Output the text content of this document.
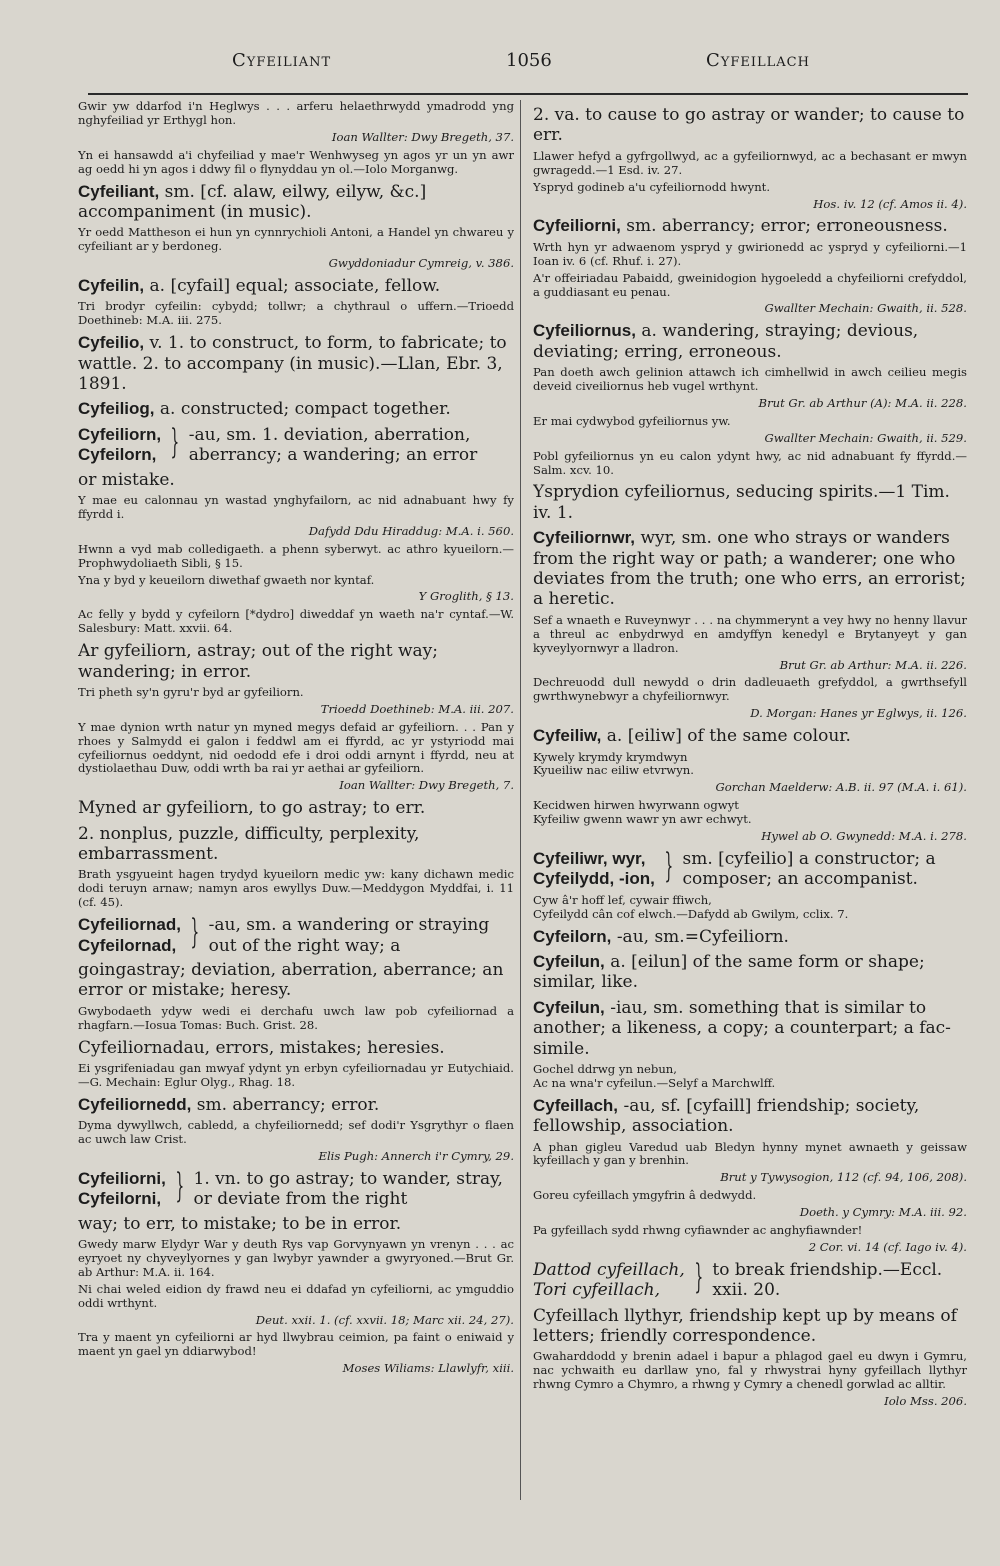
Cyfeiliant	1056	Cyfeillach
Gwir yw ddarfod i'n Heglwys . . . arferu helaethrwydd ymadrodd yng nghyfeiliad yr Erthygl hon.
Ioan Wallter: Dwy Bregeth, 37.
Yn ei hansawdd a'i chyfeiliad y mae'r Wenhwyseg yn agos yr un yn awr ag oedd hi yn agos i ddwy fil o flynyddau yn ol.—Iolo Morganwg.
Cyfeiliant, sm. [cf. alaw, eilwy, eilyw, &c.] accompaniment (in music).
Yr oedd Mattheson ei hun yn cynnrychioli Antoni, a Handel yn chwareu y cyfeiliant ar y berdoneg.
Gwyddoniadur Cymreig, v. 386.
Cyfeilin, a. [cyfail] equal; associate, fellow.
Tri brodyr cyfeilin: cybydd; tollwr; a chythraul o uffern.—Trioedd Doethineb: M.A. iii. 275.
Cyfeilio, v. 1. to construct, to form, to fabricate; to wattle. 2. to accompany (in music).—Llan, Ebr. 3, 1891.
Cyfeiliog, a. constructed; compact together.
Cyfeiliorn,
Cyfeilorn, } -au, sm. 1. deviation, aberration, aberrancy; a wandering; an error
or mistake.
Y mae eu calonnau yn wastad ynghyfailorn, ac nid adnabuant hwy fy ffyrdd i.
Dafydd Ddu Hiraddug: M.A. i. 560.
Hwnn a vyd mab colledigaeth. a phenn syberwyt. ac athro kyueilorn.—Prophwydoliaeth Sibli, § 15.
Yna y byd y keueilorn diwethaf gwaeth nor kyntaf.
Y Groglith, § 13.
Ac felly y bydd y cyfeilorn [*dydro] diweddaf yn waeth na'r cyntaf.—W. Salesbury: Matt. xxvii. 64.
Ar gyfeiliorn, astray; out of the right way; wandering; in error.
Tri pheth sy'n gyru'r byd ar gyfeiliorn.
Trioedd Doethineb: M.A. iii. 207.
Y mae dynion wrth natur yn myned megys defaid ar gyfeiliorn. . . Pan y rhoes y Salmydd ei galon i feddwl am ei ffyrdd, ac yr ystyriodd mai cyfeiliornus oeddynt, nid oedodd efe i droi oddi arnynt i ffyrdd, neu at dystiolaethau Duw, oddi wrth ba rai yr aethai ar gyfeiliorn.
Ioan Wallter: Dwy Bregeth, 7.
Myned ar gyfeiliorn, to go astray; to err.
2. nonplus, puzzle, difficulty, perplexity, embarrassment.
Brath ysgyueint hagen trydyd kyueilorn medic yw: kany dichawn medic dodi teruyn arnaw; namyn aros ewyllys Duw.—Meddygon Myddfai, i. 11 (cf. 45).
Cyfeiliornad,
Cyfeilornad, } -au, sm. a wandering or straying out of the right way; a
goingastray; deviation, aberration, aberrance; an error or mistake; heresy.
Gwybodaeth ydyw wedi ei derchafu uwch law pob cyfeiliornad a rhagfarn.—Iosua Tomas: Buch. Grist. 28.
Cyfeiliornadau, errors, mistakes; heresies.
Ei ysgrifeniadau gan mwyaf ydynt yn erbyn cyfeiliornadau yr Eutychiaid.—G. Mechain: Eglur Olyg., Rhag. 18.
Cyfeiliornedd, sm. aberrancy; error.
Dyma dywyllwch, cabledd, a chyfeiliornedd; sef dodi'r Ysgrythyr o flaen ac uwch law Crist.
Elis Pugh: Annerch i'r Cymry, 29.
Cyfeiliorni,
Cyfeilorni, } 1. vn. to go astray; to wander, stray, or deviate from the right
way; to err, to mistake; to be in error.
Gwedy marw Elydyr War y deuth Rys vap Gorvynyawn yn vrenyn . . . ac eyryoet ny chyveylyornes y gan lwybyr yawnder a gwyryoned.—Brut Gr. ab Arthur: M.A. ii. 164.
Ni chai weled eidion dy frawd neu ei ddafad yn cyfeiliorni, ac ymguddio oddi wrthynt.
Deut. xxii. 1. (cf. xxvii. 18; Marc xii. 24, 27).
Tra y maent yn cyfeiliorni ar hyd llwybrau ceimion, pa faint o eniwaid y maent yn gael yn ddiarwybod!
Moses Wiliams: Llawlyfr, xiii.
2. va. to cause to go astray or wander; to cause to err.
Llawer hefyd a gyfrgollwyd, ac a gyfeiliornwyd, ac a bechasant er mwyn gwragedd.—1 Esd. iv. 27.
Yspryd godineb a'u cyfeiliornodd hwynt.
Hos. iv. 12 (cf. Amos ii. 4).
Cyfeiliorni, sm. aberrancy; error; erroneousness.
Wrth hyn yr adwaenom yspryd y gwirionedd ac yspryd y cyfeiliorni.—1 Ioan iv. 6 (cf. Rhuf. i. 27).
A'r offeiriadau Pabaidd, gweinidogion hygoeledd a chyfeiliorni crefyddol, a guddiasant eu penau.
Gwallter Mechain: Gwaith, ii. 528.
Cyfeiliornus, a. wandering, straying; devious, deviating; erring, erroneous.
Pan doeth awch gelinion attawch ich cimhellwid in awch ceilieu megis deveid civeiliornus heb vugel wrthynt.
Brut Gr. ab Arthur (A): M.A. ii. 228.
Er mai cydwybod gyfeiliornus yw.
Gwallter Mechain: Gwaith, ii. 529.
Pobl gyfeiliornus yn eu calon ydynt hwy, ac nid adnabuant fy ffyrdd.—Salm. xcv. 10.
Ysprydion cyfeiliornus, seducing spirits.—1 Tim. iv. 1.
Cyfeiliornwr, wyr, sm. one who strays or wanders from the right way or path; a wanderer; one who deviates from the truth; one who errs, an errorist; a heretic.
Sef a wnaeth e Ruveynwyr . . . na chymmerynt a vey hwy no henny llavur a threul ac enbydrwyd en amdyffyn kenedyl e Brytanyeyt y gan kyveylyornwyr a lladron.
Brut Gr. ab Arthur: M.A. ii. 226.
Dechreuodd dull newydd o drin dadleuaeth grefyddol, a gwrthsefyll gwrthwynebwyr a chyfeiliornwyr.
D. Morgan: Hanes yr Eglwys, ii. 126.
Cyfeiliw, a. [eiliw] of the same colour.
Kywely krymdy krymdwyn
Kyueiliw nac eiliw etvrwyn.
Gorchan Maelderw: A.B. ii. 97 (M.A. i. 61).
Kecidwen hirwen hwyrwann ogwyt
Kyfeiliw gwenn wawr yn awr echwyt.
Hywel ab O. Gwynedd: M.A. i. 278.
Cyfeiliwr, wyr,
Cyfeilydd, -ion, } sm. [cyfeilio] a constructor; a composer; an accompanist.
Cyw â'r hoff lef, cywair ffiwch,
Cyfeilydd cân cof elwch.—Dafydd ab Gwilym, cclix. 7.
Cyfeilorn, -au, sm.=Cyfeiliorn.
Cyfeilun, a. [eilun] of the same form or shape; similar, like.
Cyfeilun, -iau, sm. something that is similar to another; a likeness, a copy; a counterpart; a fac-simile.
Gochel ddrwg yn nebun,
Ac na wna'r cyfeilun.—Selyf a Marchwlff.
Cyfeillach, -au, sf. [cyfaill] friendship; society, fellowship, association.
A phan gigleu Varedud uab Bledyn hynny mynet awnaeth y geissaw kyfeillach y gan y brenhin.
Brut y Tywysogion, 112 (cf. 94, 106, 208).
Goreu cyfeillach ymgyfrin â dedwydd.
Doeth. y Cymry: M.A. iii. 92.
Pa gyfeillach sydd rhwng cyfiawnder ac anghyfiawnder!
2 Cor. vi. 14 (cf. Iago iv. 4).
Dattod cyfeillach,
Tori cyfeillach,	} to break friendship.—Eccl. xxii. 20.
Cyfeillach llythyr, friendship kept up by means of letters; friendly correspondence.
Gwaharddodd y brenin adael i bapur a phlagod gael eu dwyn i Gymru, nac ychwaith eu darllaw yno, fal y rhwystrai hyny gyfeillach llythyr rhwng Cymro a Chymro, a rhwng y Cymry a chenedl gorwlad ac alltir.
Iolo Mss. 206.
